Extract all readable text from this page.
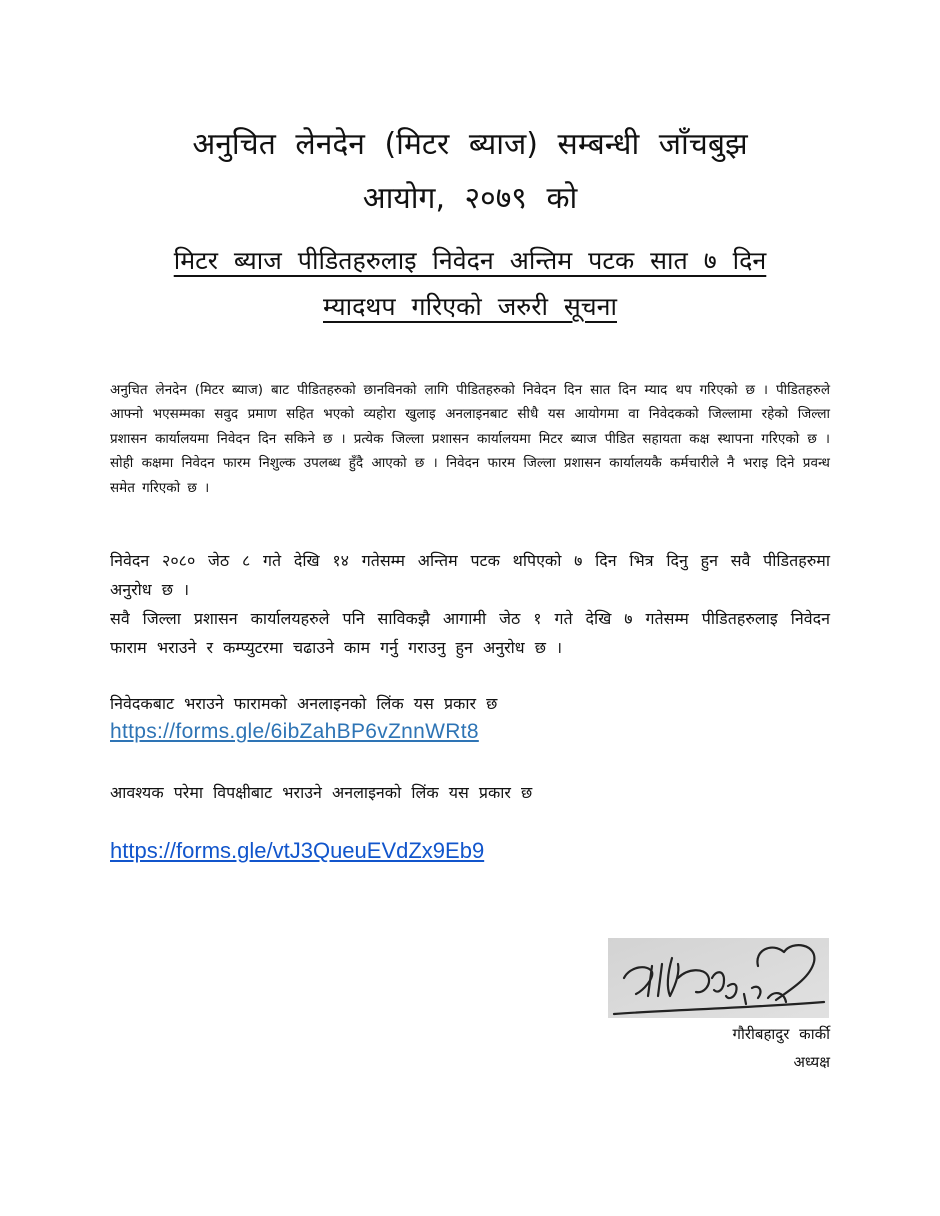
अनुचित लेनदेन (मिटर ब्याज) सम्बन्धी जाँचबुझ
आयोग, २०७९ को
मिटर ब्याज पीडितहरुलाइ निवेदन अन्तिम पटक सात ७ दिन
म्यादथप गरिएको जरुरी सूचना
अनुचित लेनदेन (मिटर ब्याज) बाट पीडितहरुको छानविनको लागि पीडितहरुको निवेदन दिन सात दिन म्याद थप गरिएको छ । पीडितहरुले आफ्नो भएसम्मका सवुद प्रमाण सहित भएको व्यहोरा खुलाइ अनलाइनबाट सीधै यस आयोगमा वा निवेदकको जिल्लामा रहेको जिल्ला प्रशासन कार्यालयमा निवेदन दिन सकिने छ । प्रत्येक जिल्ला प्रशासन कार्यालयमा मिटर ब्याज पीडित सहायता कक्ष स्थापना गरिएको छ । सोही कक्षमा निवेदन फारम निशुल्क उपलब्ध हुँदै आएको छ । निवेदन फारम जिल्ला प्रशासन कार्यालयकै कर्मचारीले नै भराइ दिने प्रवन्ध समेत गरिएको छ ।

निवेदन २०८० जेठ ८ गते देखि १४ गतेसम्म अन्तिम पटक थपिएको ७ दिन भित्र दिनु हुन सवै पीडितहरुमा अनुरोध छ ।

सवै जिल्ला प्रशासन कार्यालयहरुले पनि साविकझै आगामी जेठ १ गते देखि ७ गतेसम्म पीडितहरुलाइ निवेदन फाराम भराउने र कम्प्युटरमा चढाउने काम गर्नु गराउनु हुन अनुरोध छ ।

निवेदकबाट भराउने फारामको अनलाइनको लिंक यस प्रकार छ
https://forms.gle/6ibZahBP6vZnnWRt8
आवश्यक परेमा विपक्षीबाट भराउने अनलाइनको लिंक यस प्रकार छ
https://forms.gle/vtJ3QueuEVdZx9Eb9
गौरीबहादुर कार्की
अध्यक्ष
